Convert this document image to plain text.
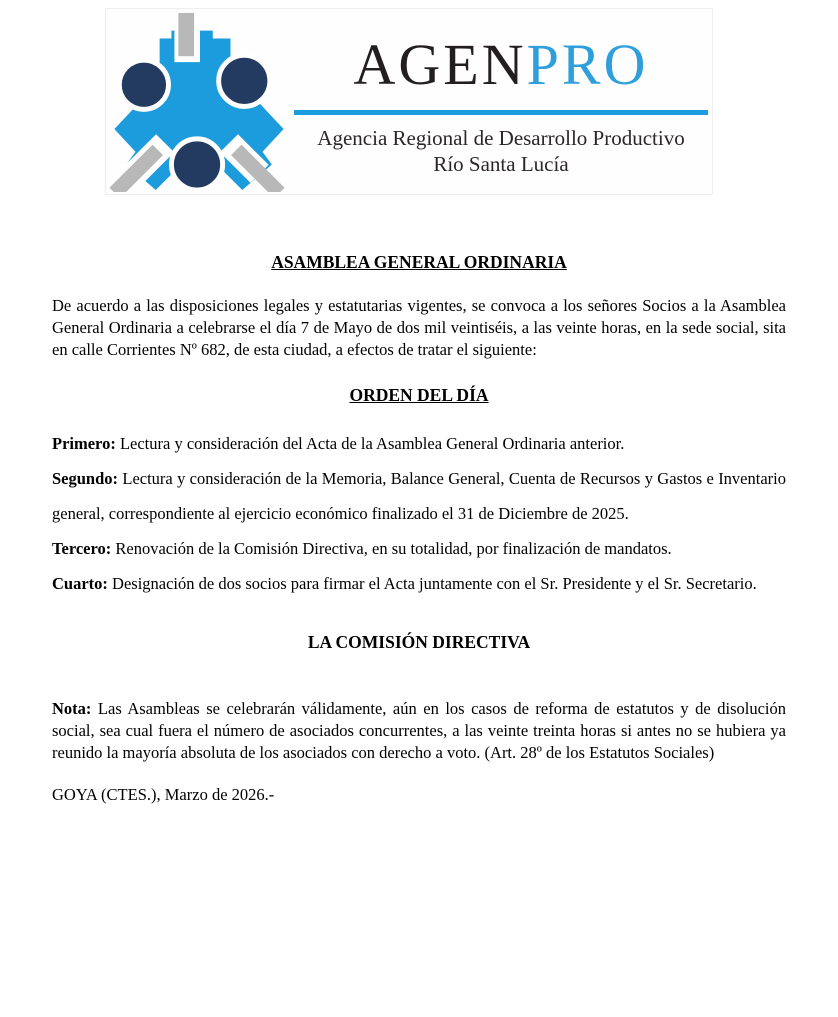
AGENPRO
Agencia Regional de Desarrollo Productivo
Río Santa Lucía
ASAMBLEA GENERAL ORDINARIA

De acuerdo a las disposiciones legales y estatutarias vigentes, se convoca a los señores Socios a la Asamblea General Ordinaria a celebrarse el día 7 de Mayo de dos mil veintiséis, a las veinte horas, en la sede social, sita en calle Corrientes Nº 682, de esta ciudad, a efectos de tratar el siguiente:

ORDEN DEL DÍA

Primero: Lectura y consideración del Acta de la Asamblea General Ordinaria anterior.

Segundo: Lectura y consideración de la Memoria, Balance General, Cuenta de Recursos y Gastos e Inventario general, correspondiente al ejercicio económico finalizado el 31 de Diciembre de 2025.

Tercero: Renovación de la Comisión Directiva, en su totalidad, por finalización de mandatos.

Cuarto: Designación de dos socios para firmar el Acta juntamente con el Sr. Presidente y el Sr. Secretario.

LA COMISIÓN DIRECTIVA

Nota: Las Asambleas se celebrarán válidamente, aún en los casos de reforma de estatutos y de disolución social, sea cual fuera el número de asociados concurrentes, a las veinte treinta horas si antes no se hubiera ya reunido la mayoría absoluta de los asociados con derecho a voto. (Art. 28º de los Estatutos Sociales)

GOYA (CTES.), Marzo de 2026.-
